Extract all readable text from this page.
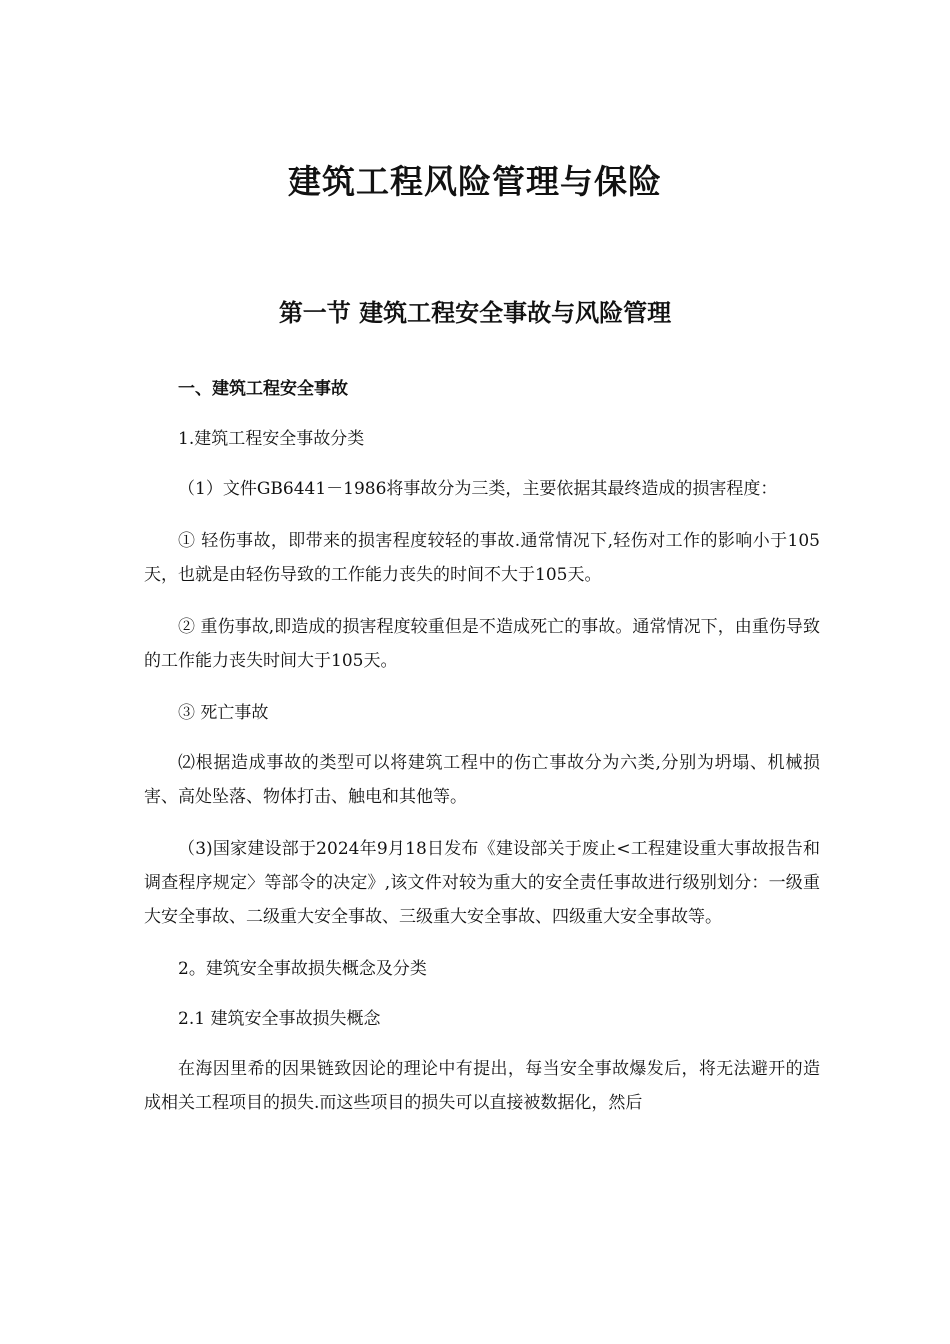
建筑工程风险管理与保险
第一节 建筑工程安全事故与风险管理

一、建筑工程安全事故

1.建筑工程安全事故分类

（1）文件GB6441－1986将事故分为三类，主要依据其最终造成的损害程度：

① 轻伤事故，即带来的损害程度较轻的事故.通常情况下,轻伤对工作的影响小于105天，也就是由轻伤导致的工作能力丧失的时间不大于105天。

② 重伤事故,即造成的损害程度较重但是不造成死亡的事故。通常情况下，由重伤导致的工作能力丧失时间大于105天。

③ 死亡事故

⑵根据造成事故的类型可以将建筑工程中的伤亡事故分为六类,分别为坍塌、机械损害、高处坠落、物体打击、触电和其他等。

（3)国家建设部于2024年9月18日发布《建设部关于废止<工程建设重大事故报告和调查程序规定〉等部令的决定》,该文件对较为重大的安全责任事故进行级别划分：一级重大安全事故、二级重大安全事故、三级重大安全事故、四级重大安全事故等。

2。建筑安全事故损失概念及分类

2.1 建筑安全事故损失概念

在海因里希的因果链致因论的理论中有提出，每当安全事故爆发后，将无法避开的造成相关工程项目的损失.而这些项目的损失可以直接被数据化，然后
